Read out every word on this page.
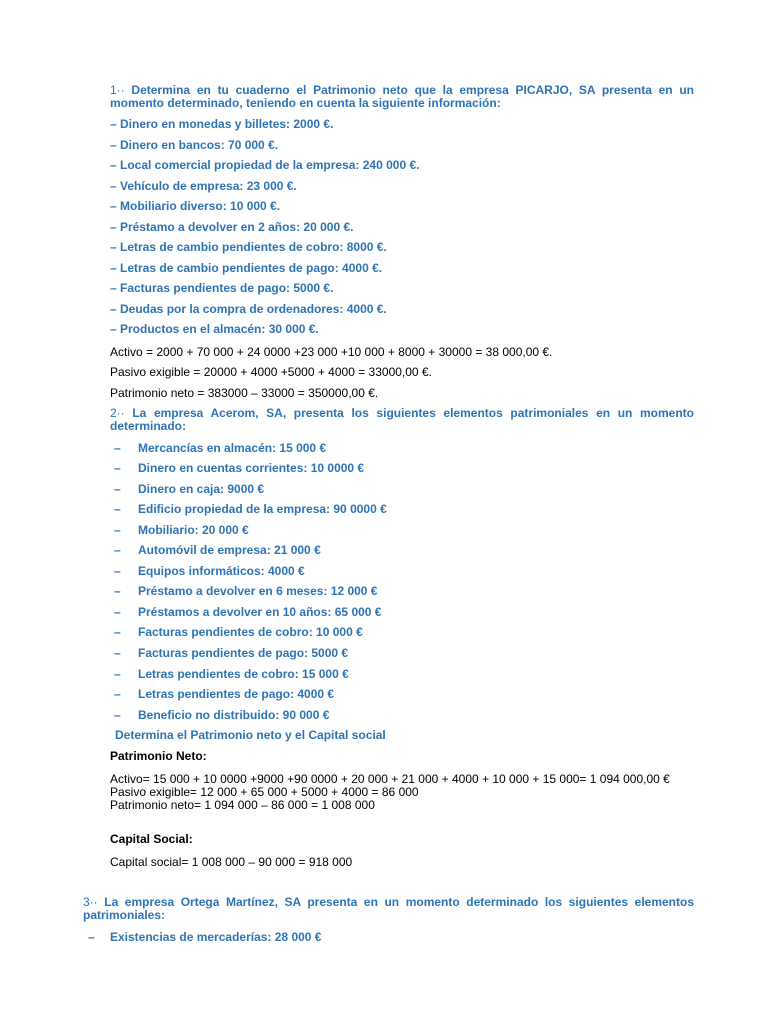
1·· Determina en tu cuaderno el Patrimonio neto que la empresa PICARJO, SA presenta en un momento determinado, teniendo en cuenta la siguiente información:
– Dinero en monedas y billetes: 2000 €.
– Dinero en bancos: 70 000 €.
– Local comercial propiedad de la empresa: 240 000 €.
– Vehículo de empresa: 23 000 €.
– Mobiliario diverso: 10 000 €.
– Préstamo a devolver en 2 años: 20 000 €.
– Letras de cambio pendientes de cobro: 8000 €.
– Letras de cambio pendientes de pago: 4000 €.
– Facturas pendientes de pago: 5000 €.
– Deudas por la compra de ordenadores: 4000 €.
– Productos en el almacén: 30 000 €.
Activo = 2000 + 70 000 + 24 0000 +23 000 +10 000 + 8000 + 30000 = 38 000,00 €.
Pasivo exigible = 20000 + 4000 +5000 + 4000 = 33000,00 €.
Patrimonio neto = 383000 – 33000 = 350000,00 €.
2·· La empresa Acerom, SA, presenta los siguientes elementos patrimoniales en un momento determinado:
– Mercancías en almacén: 15 000 €
– Dinero en cuentas corrientes: 10 0000 €
– Dinero en caja: 9000 €
– Edificio propiedad de la empresa: 90 0000 €
– Mobiliario: 20 000 €
– Automóvil de empresa: 21 000 €
– Equipos informáticos: 4000 €
– Préstamo a devolver en 6 meses: 12 000 €
– Préstamos a devolver en 10 años: 65 000 €
– Facturas pendientes de cobro: 10 000 €
– Facturas pendientes de pago: 5000 €
– Letras pendientes de cobro: 15 000 €
– Letras pendientes de pago: 4000 €
– Beneficio no distribuido: 90 000 €
Determina el Patrimonio neto y el Capital social
Patrimonio Neto:
Activo= 15 000 + 10 0000 +9000 +90 0000 + 20 000 + 21 000 + 4000 + 10 000 + 15 000= 1 094 000,00 €
Pasivo exigible= 12 000 + 65 000 + 5000 + 4000 = 86 000
Patrimonio neto= 1 094 000 – 86 000 = 1 008 000
Capital Social:
Capital social= 1 008 000 – 90 000 = 918 000
3·· La empresa Ortega Martínez, SA presenta en un momento determinado los siguientes elementos patrimoniales:
– Existencias de mercaderías: 28 000 €
